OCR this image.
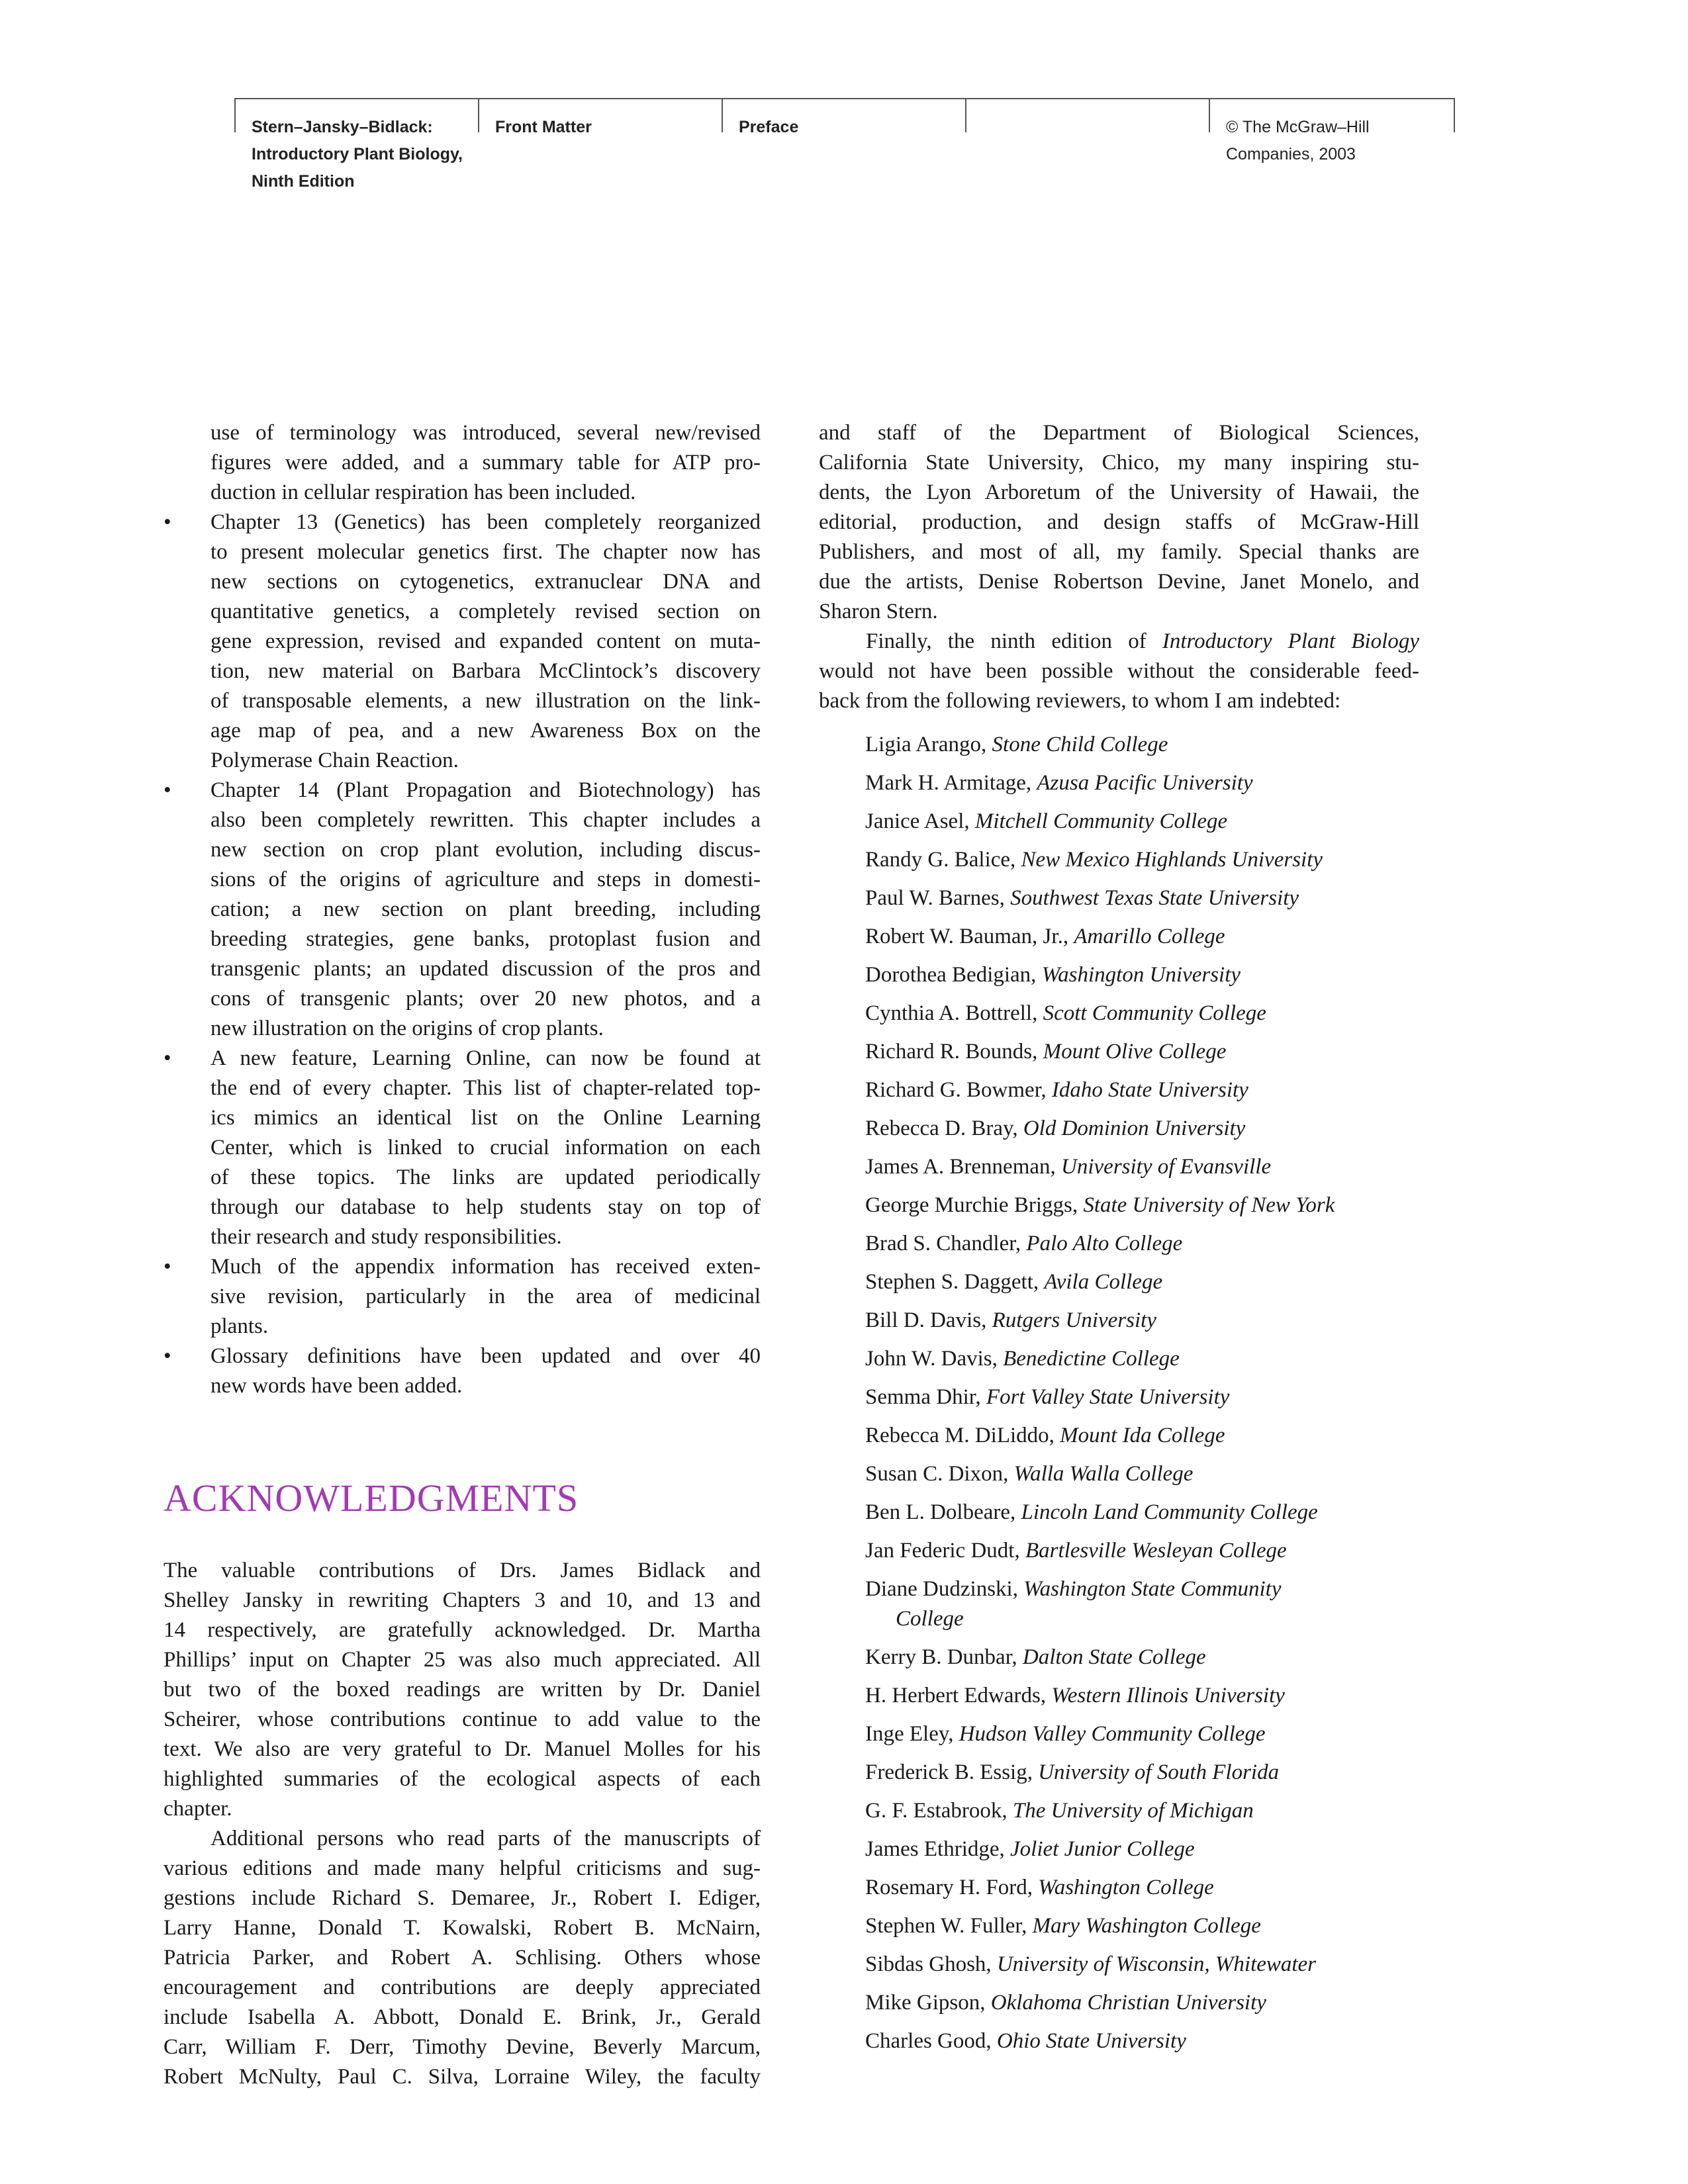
Stern–Jansky–Bidlack:
Introductory Plant Biology,
Ninth Edition
Front Matter	Preface	© The McGraw–Hill
Companies, 2003

use of terminology was introduced, several new/revised
figures were added, and a summary table for ATP pro-
duction in cellular respiration has been included.

• Chapter 13 (Genetics) has been completely reorganized
to present molecular genetics first. The chapter now has
new sections on cytogenetics, extranuclear DNA and
quantitative genetics, a completely revised section on
gene expression, revised and expanded content on muta-
tion, new material on Barbara McClintock’s discovery
of transposable elements, a new illustration on the link-
age map of pea, and a new Awareness Box on the
Polymerase Chain Reaction.

• Chapter 14 (Plant Propagation and Biotechnology) has
also been completely rewritten. This chapter includes a
new section on crop plant evolution, including discus-
sions of the origins of agriculture and steps in domesti-
cation; a new section on plant breeding, including
breeding strategies, gene banks, protoplast fusion and
transgenic plants; an updated discussion of the pros and
cons of transgenic plants; over 20 new photos, and a
new illustration on the origins of crop plants.

• A new feature, Learning Online, can now be found at
the end of every chapter. This list of chapter-related top-
ics mimics an identical list on the Online Learning
Center, which is linked to crucial information on each
of these topics. The links are updated periodically
through our database to help students stay on top of
their research and study responsibilities.

• Much of the appendix information has received exten-
sive revision, particularly in the area of medicinal
plants.

• Glossary definitions have been updated and over 40
new words have been added.

ACKNOWLEDGMENTS

The valuable contributions of Drs. James Bidlack and
Shelley Jansky in rewriting Chapters 3 and 10, and 13 and
14 respectively, are gratefully acknowledged. Dr. Martha
Phillips’ input on Chapter 25 was also much appreciated. All
but two of the boxed readings are written by Dr. Daniel
Scheirer, whose contributions continue to add value to the
text. We also are very grateful to Dr. Manuel Molles for his
highlighted summaries of the ecological aspects of each
chapter.

Additional persons who read parts of the manuscripts of
various editions and made many helpful criticisms and sug-
gestions include Richard S. Demaree, Jr., Robert I. Ediger,
Larry Hanne, Donald T. Kowalski, Robert B. McNairn,
Patricia Parker, and Robert A. Schlising. Others whose
encouragement and contributions are deeply appreciated
include Isabella A. Abbott, Donald E. Brink, Jr., Gerald
Carr, William F. Derr, Timothy Devine, Beverly Marcum,
Robert McNulty, Paul C. Silva, Lorraine Wiley, the faculty

and staff of the Department of Biological Sciences,
California State University, Chico, my many inspiring stu-
dents, the Lyon Arboretum of the University of Hawaii, the
editorial, production, and design staffs of McGraw-Hill
Publishers, and most of all, my family. Special thanks are
due the artists, Denise Robertson Devine, Janet Monelo, and
Sharon Stern.

Finally, the ninth edition of Introductory Plant Biology
would not have been possible without the considerable feed-
back from the following reviewers, to whom I am indebted:

Ligia Arango, Stone Child College
Mark H. Armitage, Azusa Pacific University
Janice Asel, Mitchell Community College
Randy G. Balice, New Mexico Highlands University
Paul W. Barnes, Southwest Texas State University
Robert W. Bauman, Jr., Amarillo College
Dorothea Bedigian, Washington University
Cynthia A. Bottrell, Scott Community College
Richard R. Bounds, Mount Olive College
Richard G. Bowmer, Idaho State University
Rebecca D. Bray, Old Dominion University
James A. Brenneman, University of Evansville
George Murchie Briggs, State University of New York
Brad S. Chandler, Palo Alto College
Stephen S. Daggett, Avila College
Bill D. Davis, Rutgers University
John W. Davis, Benedictine College
Semma Dhir, Fort Valley State University
Rebecca M. DiLiddo, Mount Ida College
Susan C. Dixon, Walla Walla College
Ben L. Dolbeare, Lincoln Land Community College
Jan Federic Dudt, Bartlesville Wesleyan College
Diane Dudzinski, Washington State Community
College
Kerry B. Dunbar, Dalton State College
H. Herbert Edwards, Western Illinois University
Inge Eley, Hudson Valley Community College
Frederick B. Essig, University of South Florida
G. F. Estabrook, The University of Michigan
James Ethridge, Joliet Junior College
Rosemary H. Ford, Washington College
Stephen W. Fuller, Mary Washington College
Sibdas Ghosh, University of Wisconsin, Whitewater
Mike Gipson, Oklahoma Christian University
Charles Good, Ohio State University
